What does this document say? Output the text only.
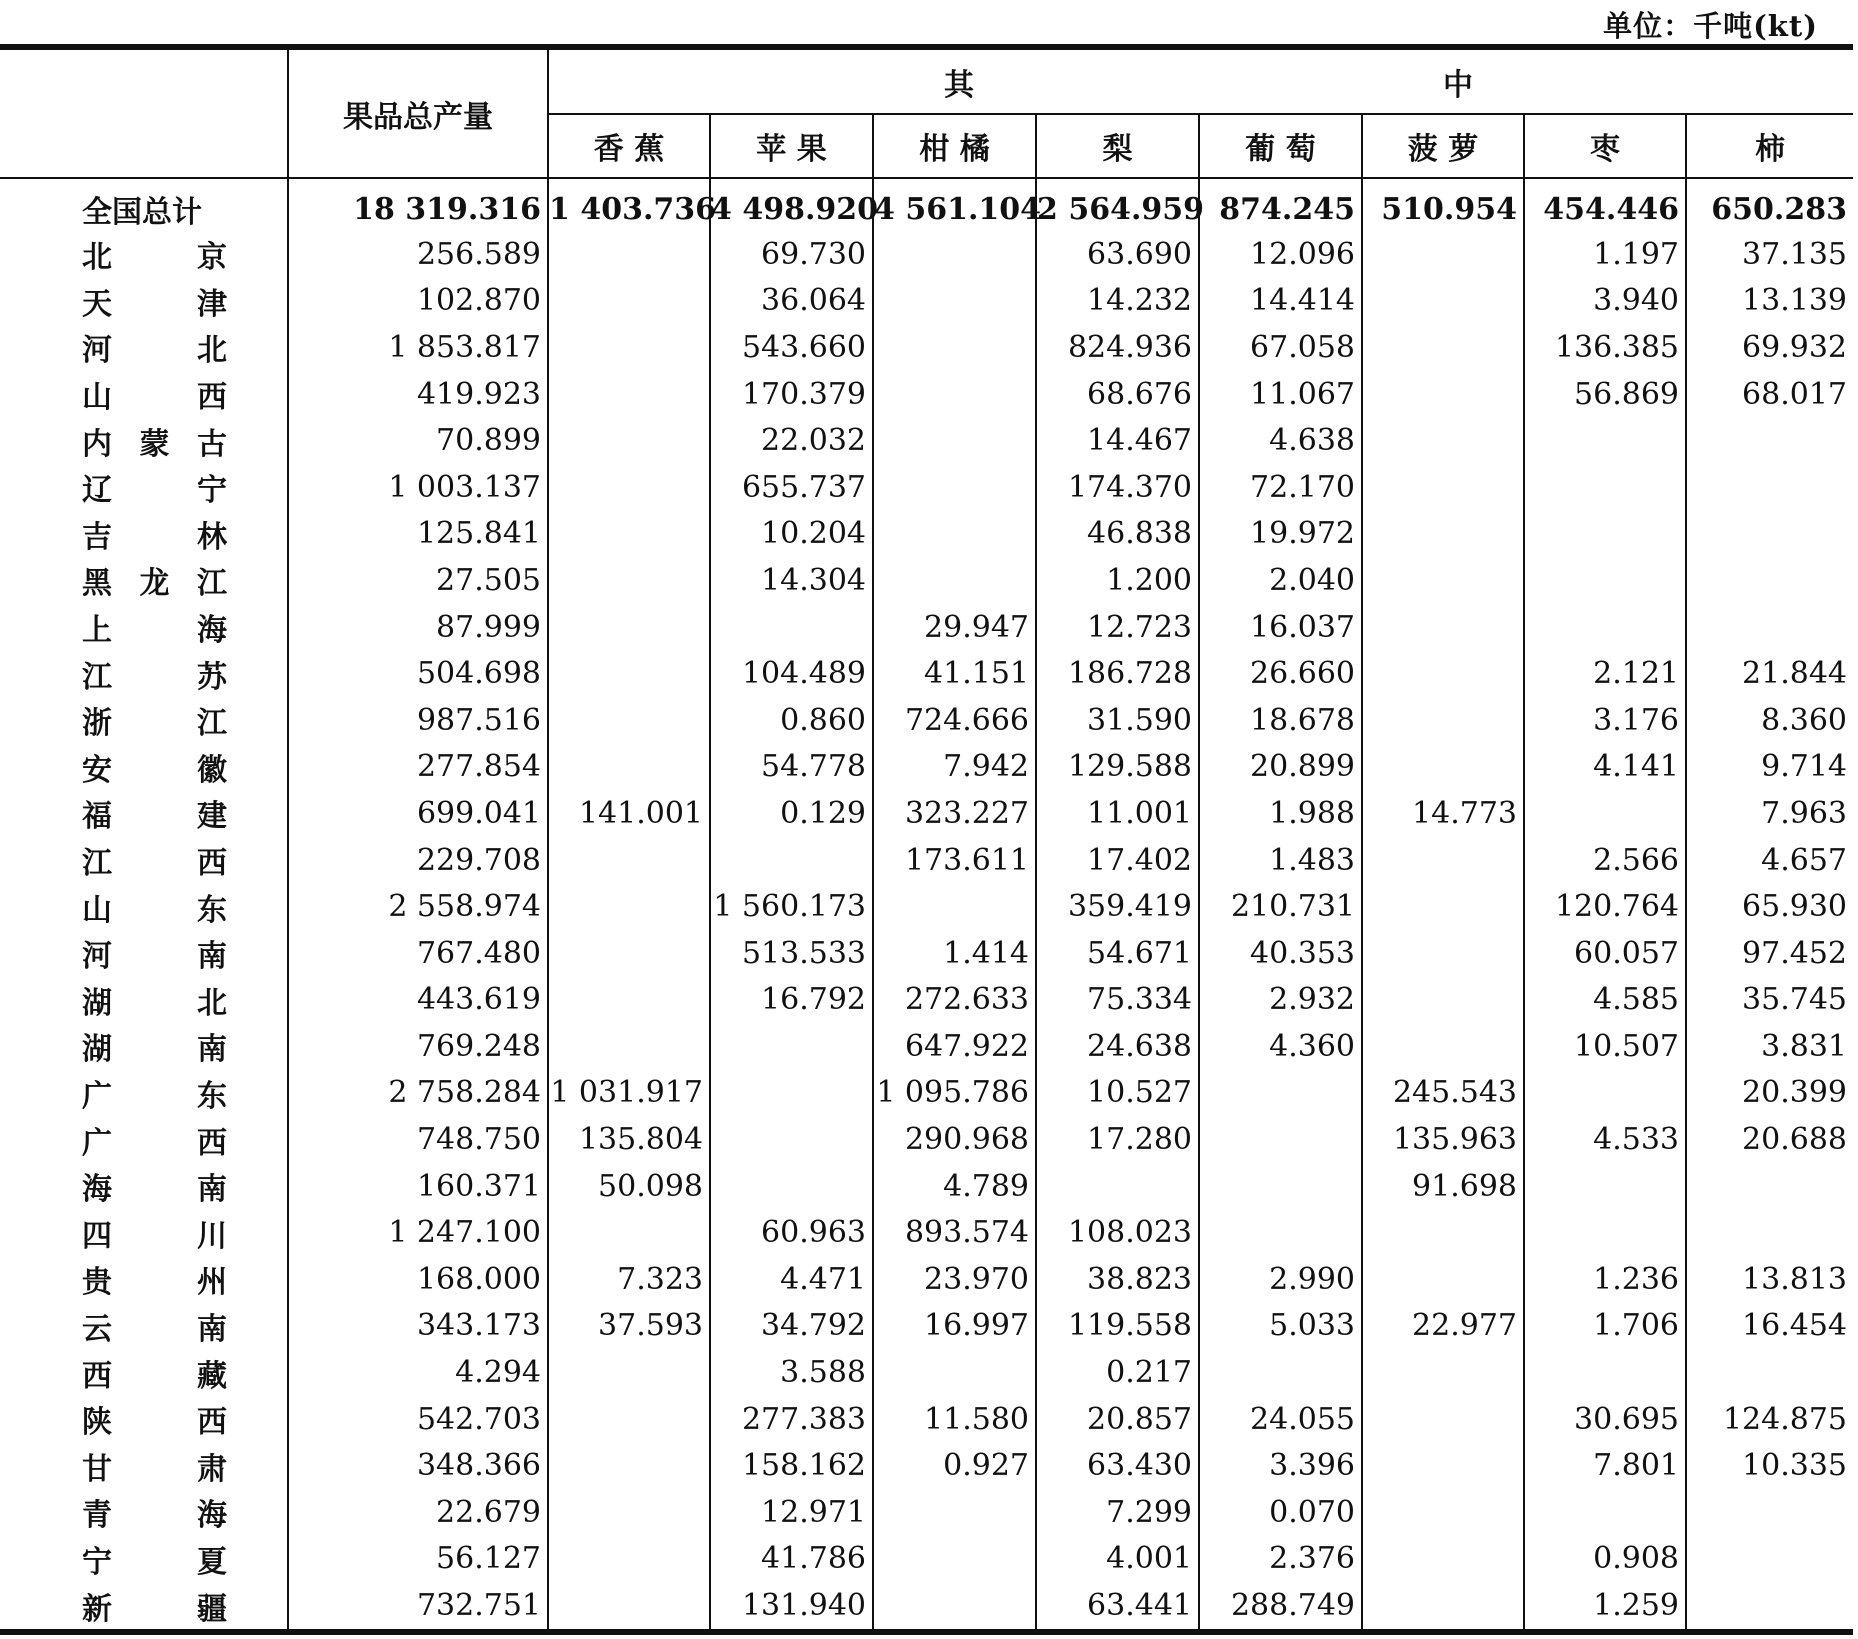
单位：千吨(kt)
	果品总产量	其 中							

		香 蕉	苹 果	柑 橘	梨	葡 萄	菠 萝	枣	柿
全国总计	18 319.316	1 403.736	4 498.920	4 561.104	2 564.959	874.245	510.954	454.446	650.283

北 京	256.589		69.730		63.690	12.096		1.197	37.135

天 津	102.870		36.064		14.232	14.414		3.940	13.139

河 北	1 853.817		543.660		824.936	67.058		136.385	69.932

山 西	419.923		170.379		68.676	11.067		56.869	68.017

内 蒙 古	70.899		22.032		14.467	4.638			

辽 宁	1 003.137		655.737		174.370	72.170			

吉 林	125.841		10.204		46.838	19.972			

黑 龙 江	27.505		14.304		1.200	2.040			

上 海	87.999			29.947	12.723	16.037			

江 苏	504.698		104.489	41.151	186.728	26.660		2.121	21.844

浙 江	987.516		0.860	724.666	31.590	18.678		3.176	8.360

安 徽	277.854		54.778	7.942	129.588	20.899		4.141	9.714

福 建	699.041	141.001	0.129	323.227	11.001	1.988	14.773		7.963

江 西	229.708			173.611	17.402	1.483		2.566	4.657

山 东	2 558.974		1 560.173		359.419	210.731		120.764	65.930

河 南	767.480		513.533	1.414	54.671	40.353		60.057	97.452

湖 北	443.619		16.792	272.633	75.334	2.932		4.585	35.745

湖 南	769.248			647.922	24.638	4.360		10.507	3.831

广 东	2 758.284	1 031.917		1 095.786	10.527		245.543		20.399

广 西	748.750	135.804		290.968	17.280		135.963	4.533	20.688

海 南	160.371	50.098		4.789			91.698		

四 川	1 247.100		60.963	893.574	108.023				

贵 州	168.000	7.323	4.471	23.970	38.823	2.990		1.236	13.813

云 南	343.173	37.593	34.792	16.997	119.558	5.033	22.977	1.706	16.454

西 藏	4.294		3.588		0.217				

陕 西	542.703		277.383	11.580	20.857	24.055		30.695	124.875

甘 肃	348.366		158.162	0.927	63.430	3.396		7.801	10.335

青 海	22.679		12.971		7.299	0.070			

宁 夏	56.127		41.786		4.001	2.376		0.908	

新 疆	732.751		131.940		63.441	288.749		1.259	
